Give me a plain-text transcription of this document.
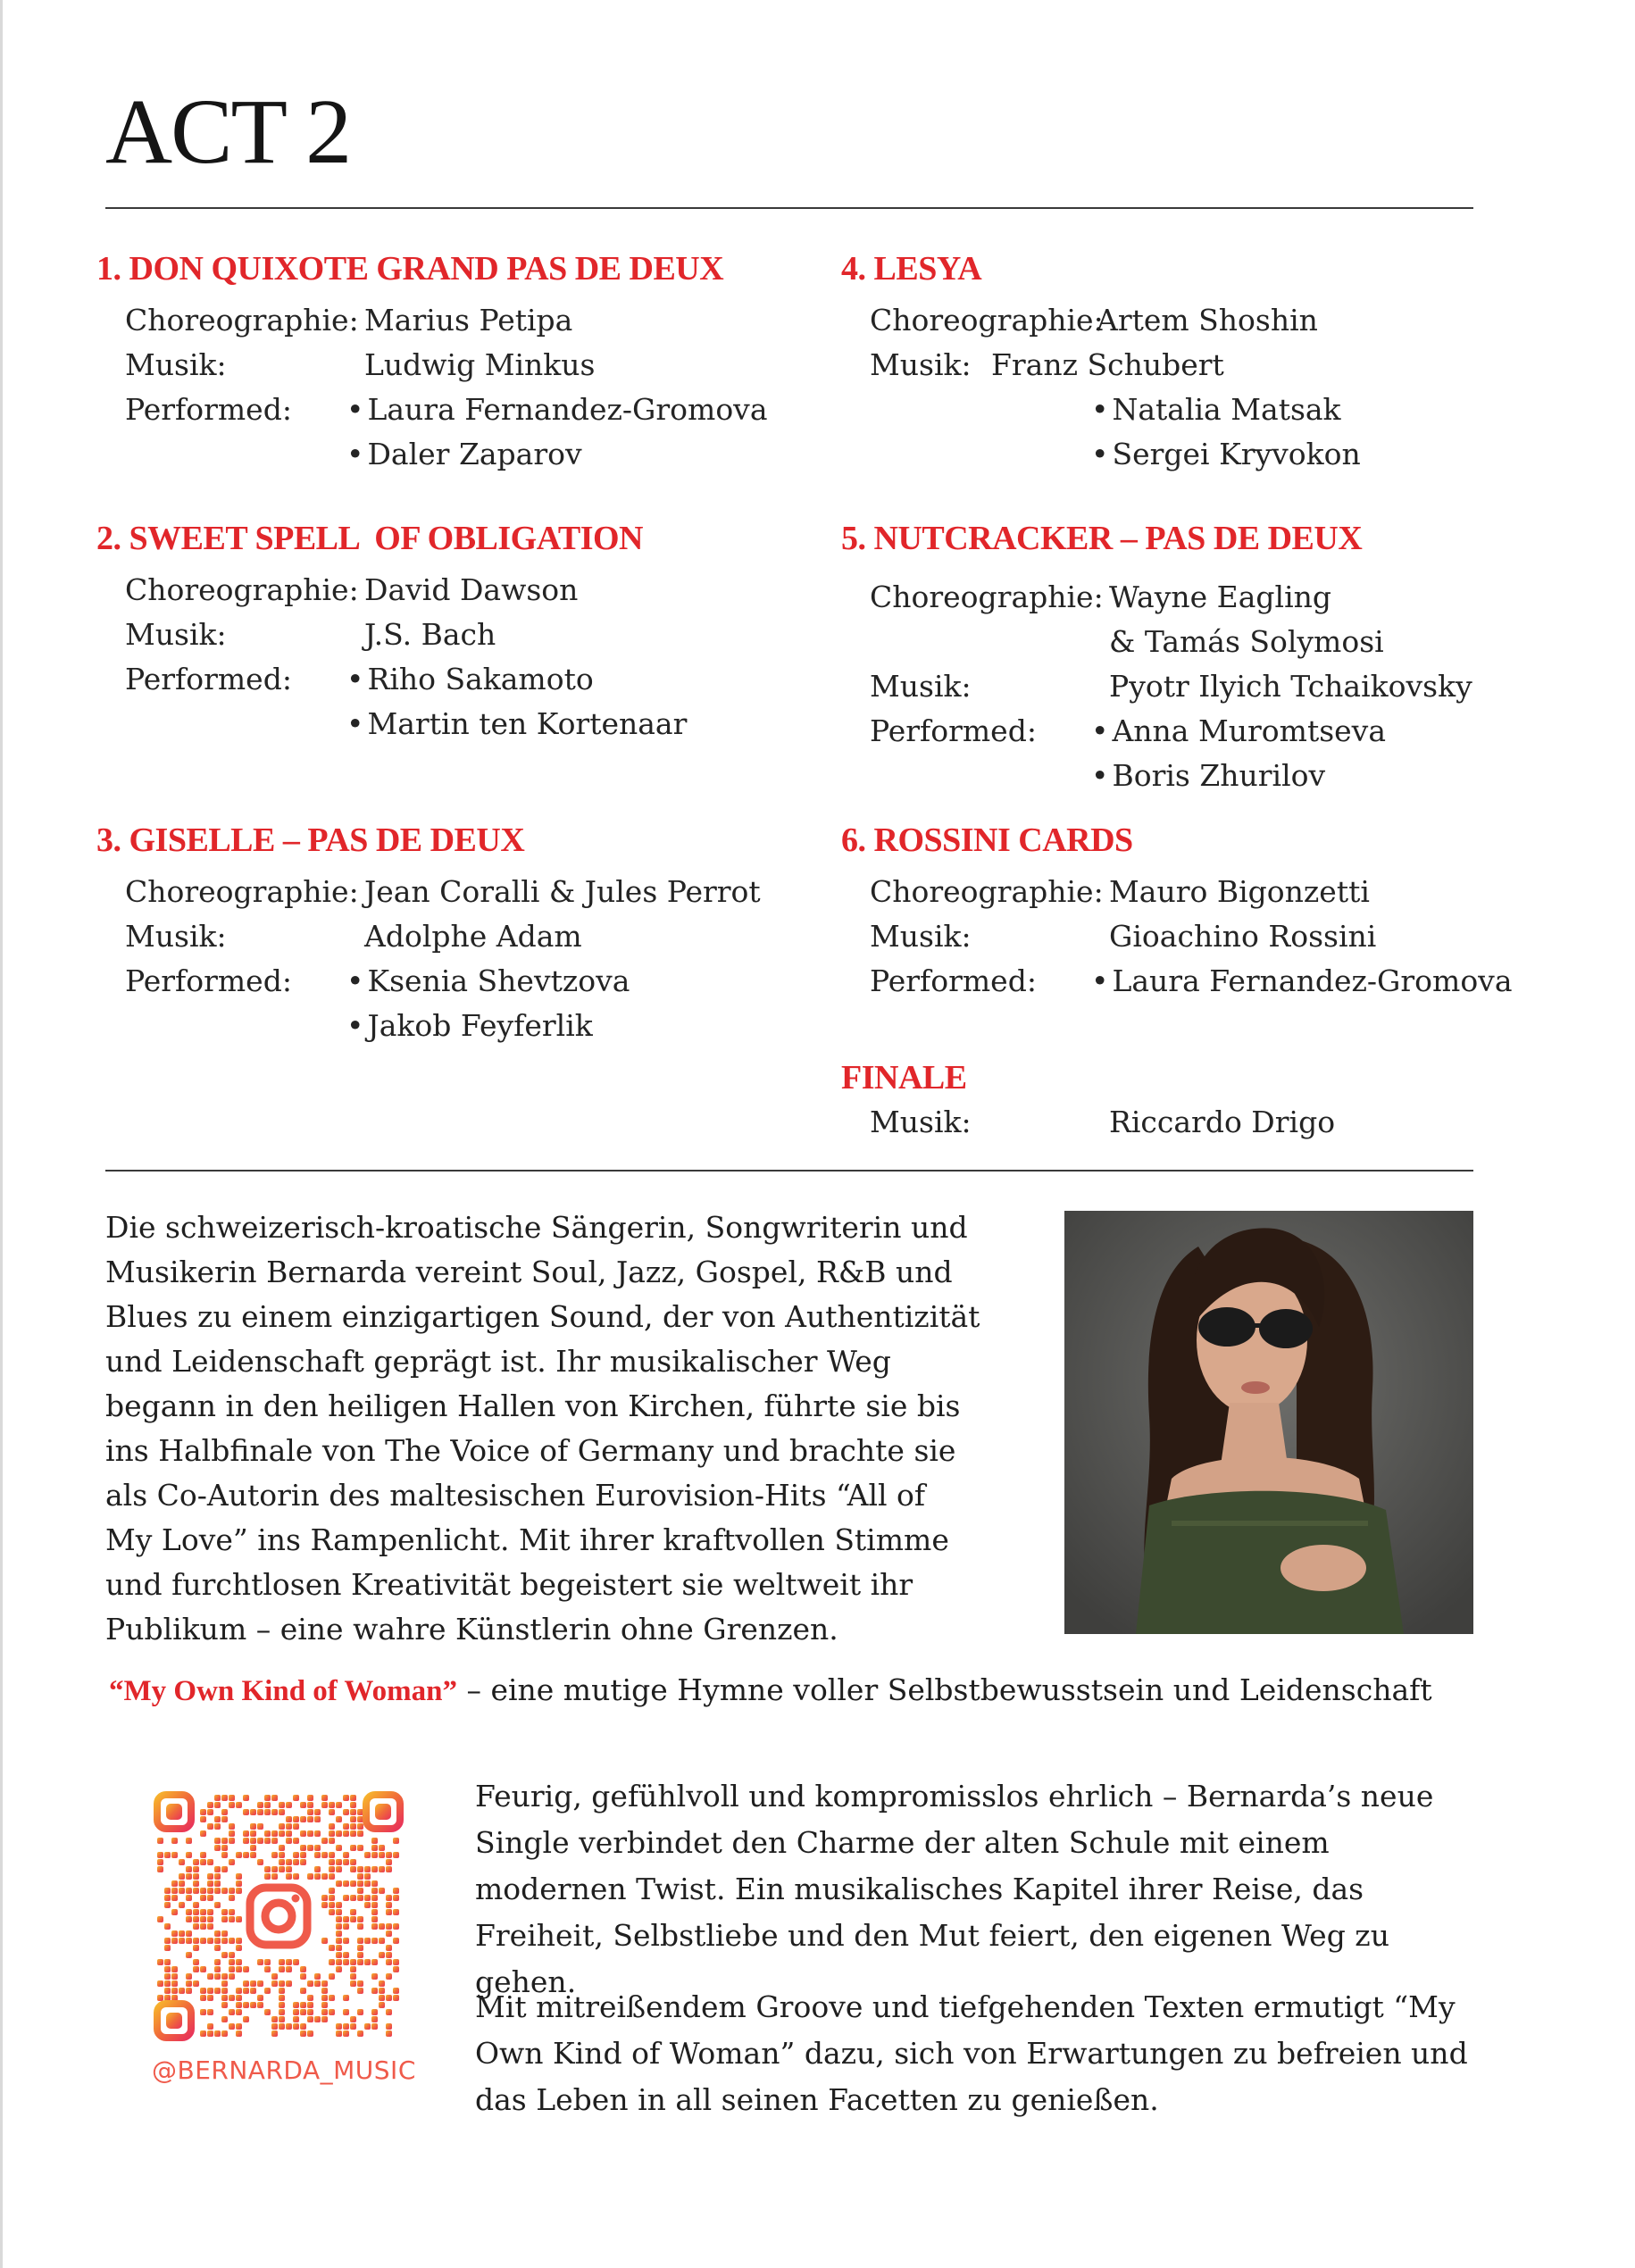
ACT 2
1. DON QUIXOTE GRAND PAS DE DEUX
Choreographie: Marius Petipa
Musik:	Ludwig Minkus
Performed:	• Laura Fernandez-Gromova
• Daler Zaparov
2. SWEET SPELL  OF OBLIGATION
Choreographie: David Dawson
Musik:	J.S. Bach
Performed:	• Riho Sakamoto
• Martin ten Kortenaar
3. GISELLE – PAS DE DEUX
Choreographie: Jean Coralli & Jules Perrot
Musik:	Adolphe Adam
Performed:	• Ksenia Shevtzova
• Jakob Feyferlik
4. LESYA
Choreographie:
Artem Shoshin
Musik: Franz Schubert
• Natalia Matsak
• Sergei Kryvokon
5. NUTCRACKER – PAS DE DEUX
Choreographie: Wayne Eagling
& Tamás Solymosi
Musik:	Pyotr Ilyich Tchaikovsky
Performed:	• Anna Muromtseva
• Boris Zhurilov
6. ROSSINI CARDS
Choreographie: Mauro Bigonzetti
Musik:	Gioachino Rossini
Performed:	• Laura Fernandez-Gromova
FINALE
Musik:	Riccardo Drigo

Die schweizerisch-kroatische Sängerin, Songwriterin und Musikerin Bernarda vereint Soul, Jazz, Gospel, R&B und Blues zu einem einzigartigen Sound, der von Authentizität und Leidenschaft geprägt ist. Ihr musikalischer Weg begann in den heiligen Hallen von Kirchen, führte sie bis ins Halbfinale von The Voice of Germany und brachte sie als Co-Autorin des maltesischen Eurovision-Hits “All of My Love” ins Rampenlicht. Mit ihrer kraftvollen Stimme und furchtlosen Kreativität begeistert sie weltweit ihr Publikum – eine wahre Künstlerin ohne Grenzen.

“My Own Kind of Woman” – eine mutige Hymne voller Selbstbewusstsein und Leidenschaft

@BERNARDA_MUSIC

Feurig, gefühlvoll und kompromisslos ehrlich – Bernarda’s neue Single verbindet den Charme der alten Schule mit einem modernen Twist. Ein musikalisches Kapitel ihrer Reise, das Freiheit, Selbstliebe und den Mut feiert, den eigenen Weg zu gehen.

Mit mitreißendem Groove und tiefgehenden Texten ermutigt “My Own Kind of Woman” dazu, sich von Erwartungen zu befreien und das Leben in all seinen Facetten zu genießen.
